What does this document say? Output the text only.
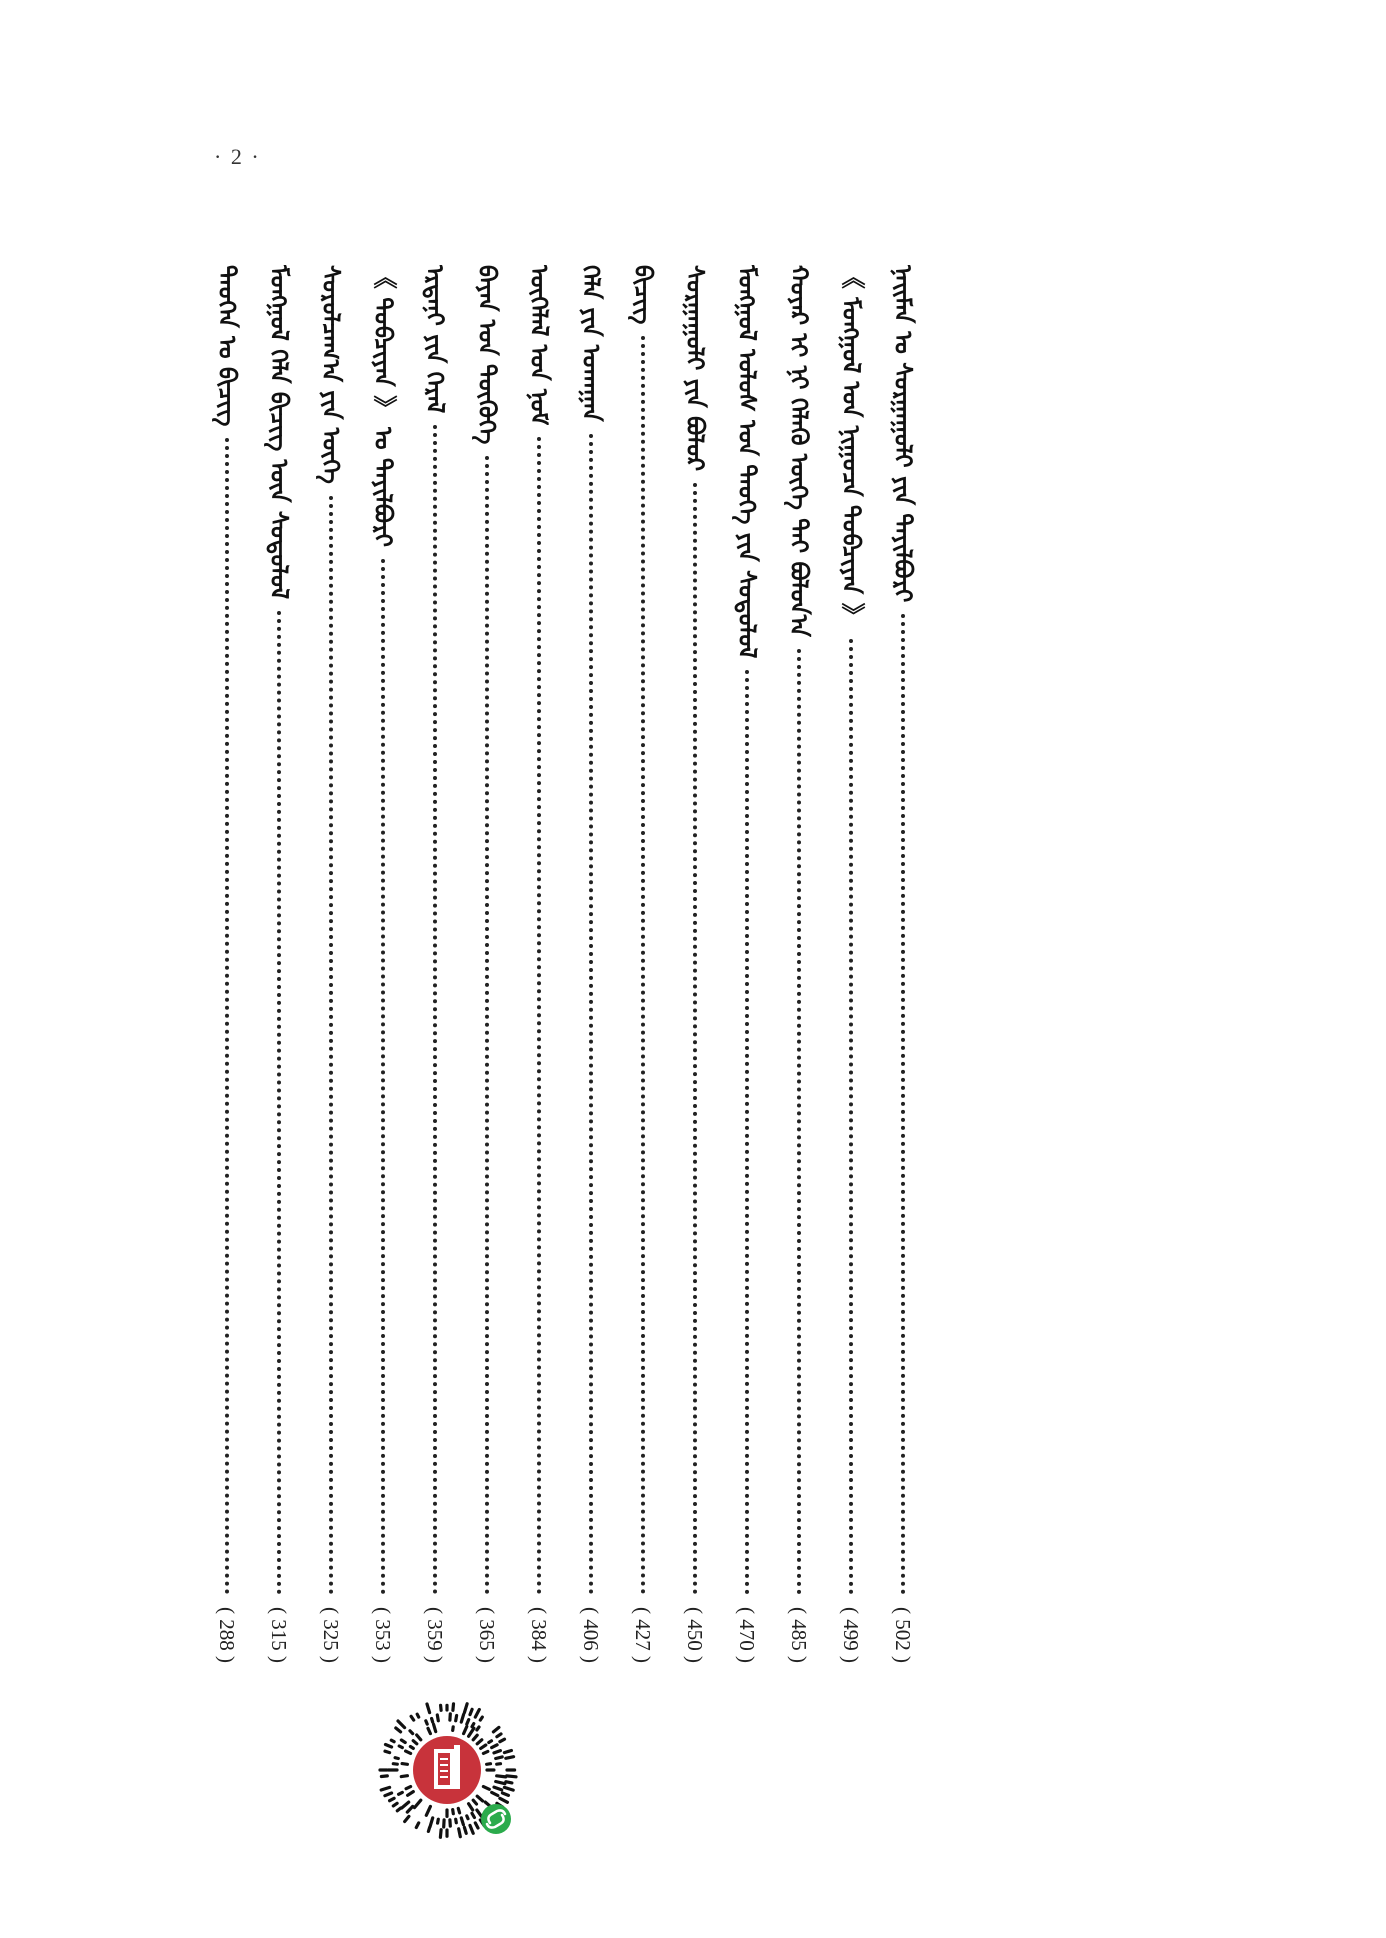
· 2 ·
ᠨᠠᠢᠮᠠᠨ ᠤ ᠰᠤᠷᠭᠠᠭᠤᠯᠢ ᠶᠢᠨ ᠲᠠᠶᠢᠯᠪᠤᠷᠢ
( 502 )
《 ᠮᠣᠩᠭᠣᠯ ᠤᠨ ᠨᠢᠭᠤᠴᠠ ᠲᠣᠪᠴᠢᠶᠠᠨ 》
( 499 )
ᠬᠣᠶᠠᠷ ᠢ ᠨᠢ ᠬᠡᠯᠡᠬᠦ ᠦᠭᠡ ᠲᠠᠢ ᠪᠤᠯᠤᠨ᠎ᠠ
( 485 )
ᠮᠣᠩᠭᠣᠯ ᠤᠯᠤᠰ ᠤᠨ ᠲᠡᠦᠬᠡ ᠶᠢᠨ ᠰᠤᠳᠤᠯᠤᠯ
( 470 )
ᠰᠤᠷᠭᠠᠭᠤᠯᠢ ᠶᠢᠨ ᠪᠣᠯᠤᠷ
( 450 )
ᠪᠢᠴᠢᠭ᠌
( 427 )
ᠬᠡᠯᠡ ᠶᠢᠨ ᠤᠬᠠᠭᠠᠨ
( 406 )
ᠦᠭᠡᠯᠡᠯ ᠤᠨ ᠨᠣᠮ
( 384 )
ᠪᠠᠶᠠᠨ ᠤᠨ ᠲᠦᠭᠦᠬᠡ
( 365 )
ᠡᠷᠳᠡᠨᠢ ᠶᠢᠨ ᠭᠡᠷᠡᠯ
( 359 )
《 ᠲᠣᠪᠴᠢᠶᠠᠨ 》 ᠤ ᠲᠠᠶᠢᠯᠪᠤᠷᠢ
( 353 )
ᠰᠤᠷᠤᠯᠴᠠᠭ᠎ᠠ ᠶᠢᠨ ᠦᠭᠡ
( 325 )
ᠮᠣᠩᠭᠣᠯ ᠬᠡᠯᠡ ᠪᠢᠴᠢᠭ᠌ ᠦᠨ ᠰᠤᠳᠤᠯᠤᠯ
( 315 )
ᠲᠡᠦᠬᠡᠨ ᠤ ᠪᠢᠴᠢᠭ᠌
( 288 )
